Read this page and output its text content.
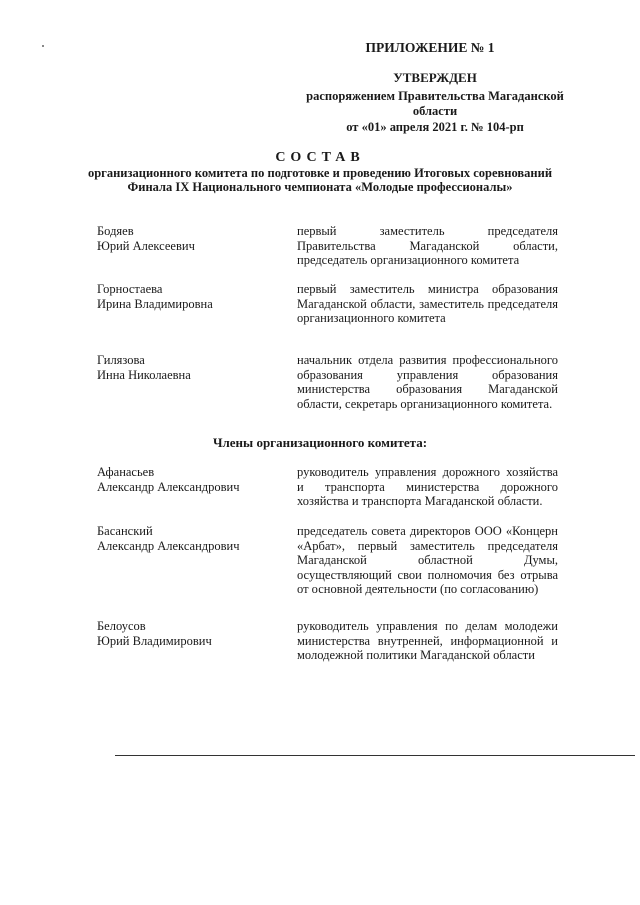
ПРИЛОЖЕНИЕ № 1
УТВЕРЖДЕН
распоряжением Правительства Магаданской области
от «01» апреля 2021 г. № 104-рп
СОСТАВ
организационного комитета по подготовке и проведению Итоговых соревнований Финала IX Национального чемпионата «Молодые профессионалы»
Бодяев
Юрий Алексеевич
первый заместитель председателя Правительства Магаданской области, председатель организационного комитета
Горностаева
Ирина Владимировна
первый заместитель министра образования Магаданской области, заместитель председателя организационного комитета
Гилязова
Инна Николаевна
начальник отдела развития профессионального образования управления образования министерства образования Магаданской области, секретарь организационного комитета.
Члены организационного комитета:
Афанасьев
Александр Александрович
руководитель управления дорожного хозяйства и транспорта министерства дорожного хозяйства и транспорта Магаданской области.
Басанский
Александр Александрович
председатель совета директоров ООО «Концерн «Арбат», первый заместитель председателя Магаданской областной Думы, осуществляющий свои полномочия без отрыва от основной деятельности (по согласованию)
Белоусов
Юрий Владимирович
руководитель управления по делам молодежи министерства внутренней, информационной и молодежной политики Магаданской области
